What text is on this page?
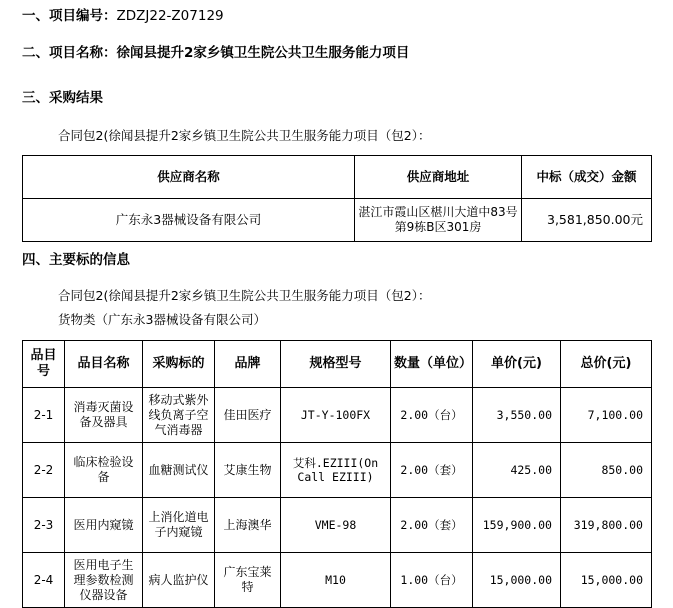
一、项目编号：ZDZJ22-Z07129
二、项目名称：徐闻县提升2家乡镇卫生院公共卫生服务能力项目
三、采购结果
合同包2(徐闻县提升2家乡镇卫生院公共卫生服务能力项目（包2）：
供应商名称	供应商地址	中标（成交）金额
广东永3器械设备有限公司	湛江市霞山区椹川大道中83号第9栋B区301房	3,581,850.00元
四、主要标的信息
合同包2(徐闻县提升2家乡镇卫生院公共卫生服务能力项目（包2）：
货物类（广东永3器械设备有限公司）
品目号	品目名称	采购标的	品牌	规格型号	数量（单位）	单价(元)	总价(元)
2-1	消毒灭菌设备及器具	移动式紫外线负离子空气消毒器	佳田医疗	JT-Y-100FX	2.00（台）	3,550.00	7,100.00
2-2	临床检验设备	血糖测试仪	艾康生物	艾科.EZIII(On Call EZIII)	2.00（套）	425.00	850.00
2-3	医用内窥镜	上消化道电子内窥镜	上海澳华	VME-98	2.00（套）	159,900.00	319,800.00
2-4	医用电子生理参数检测仪器设备	病人监护仪	广东宝莱特	M10	1.00（台）	15,000.00	15,000.00
